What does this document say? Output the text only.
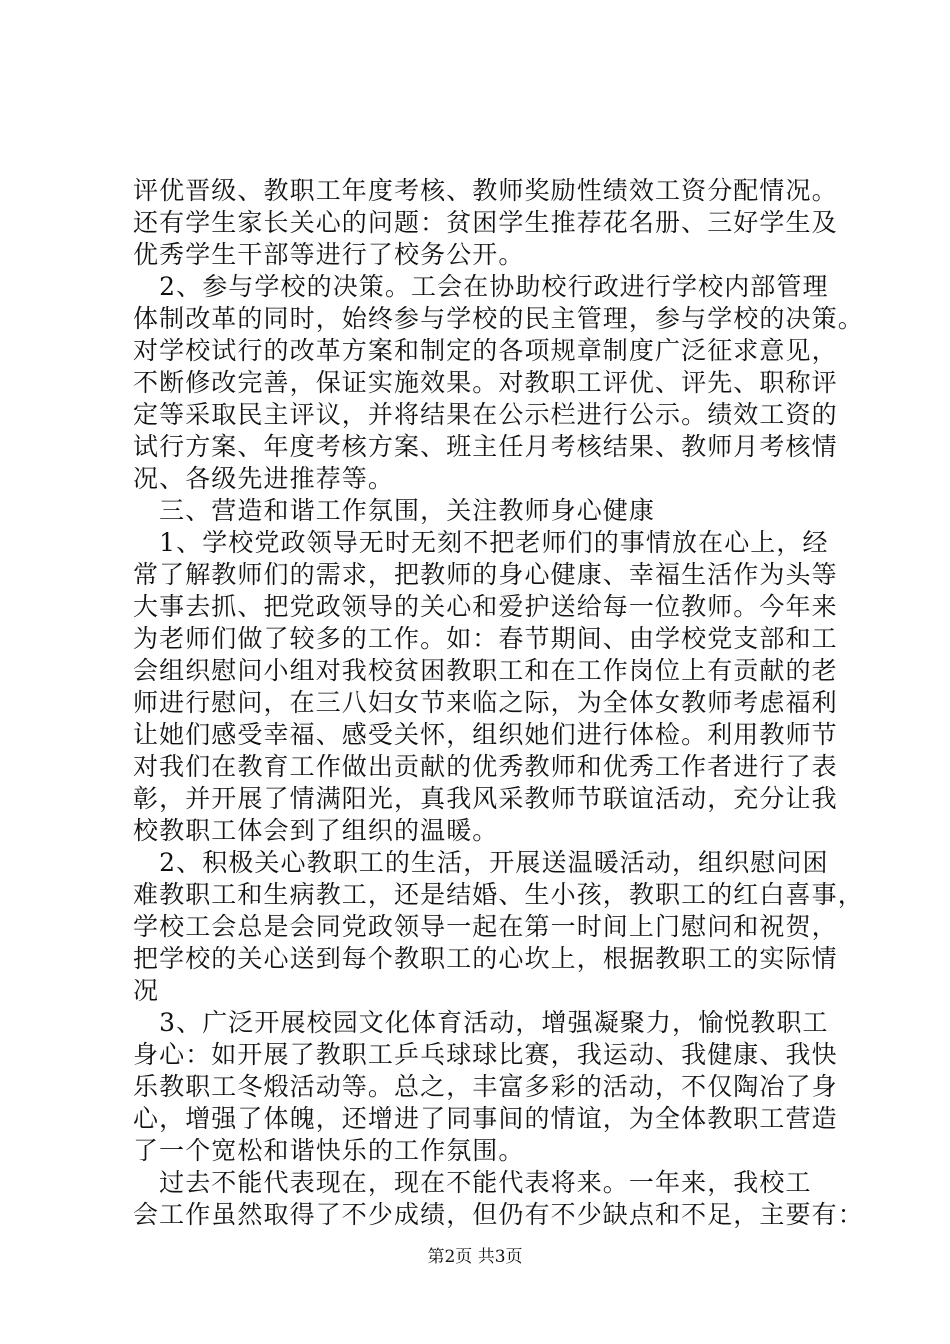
评优晋级、教职工年度考核、教师奖励性绩效工资分配情况。
还有学生家长关心的问题：贫困学生推荐花名册、三好学生及
优秀学生干部等进行了校务公开。
　2、参与学校的决策。工会在协助校行政进行学校内部管理
体制改革的同时，始终参与学校的民主管理，参与学校的决策。
对学校试行的改革方案和制定的各项规章制度广泛征求意见，
不断修改完善，保证实施效果。对教职工评优、评先、职称评
定等采取民主评议，并将结果在公示栏进行公示。绩效工资的
试行方案、年度考核方案、班主任月考核结果、教师月考核情
况、各级先进推荐等。
　三、营造和谐工作氛围，关注教师身心健康
　1、学校党政领导无时无刻不把老师们的事情放在心上，经
常了解教师们的需求，把教师的身心健康、幸福生活作为头等
大事去抓、把党政领导的关心和爱护送给每一位教师。今年来
为老师们做了较多的工作。如：春节期间、由学校党支部和工
会组织慰问小组对我校贫困教职工和在工作岗位上有贡献的老
师进行慰问，在三八妇女节来临之际，为全体女教师考虑福利
让她们感受幸福、感受关怀，组织她们进行体检。利用教师节
对我们在教育工作做出贡献的优秀教师和优秀工作者进行了表
彰，并开展了情满阳光，真我风采教师节联谊活动，充分让我
校教职工体会到了组织的温暖。
　2、积极关心教职工的生活，开展送温暖活动，组织慰问困
难教职工和生病教工，还是结婚、生小孩，教职工的红白喜事，
学校工会总是会同党政领导一起在第一时间上门慰问和祝贺，
把学校的关心送到每个教职工的心坎上，根据教职工的实际情
况
　3、广泛开展校园文化体育活动，增强凝聚力，愉悦教职工
身心：如开展了教职工乒乓球球比赛，我运动、我健康、我快
乐教职工冬煅活动等。总之，丰富多彩的活动，不仅陶冶了身
心，增强了体魄，还增进了同事间的情谊，为全体教职工营造
了一个宽松和谐快乐的工作氛围。
　过去不能代表现在，现在不能代表将来。一年来，我校工
会工作虽然取得了不少成绩，但仍有不少缺点和不足，主要有：
第2页 共3页
